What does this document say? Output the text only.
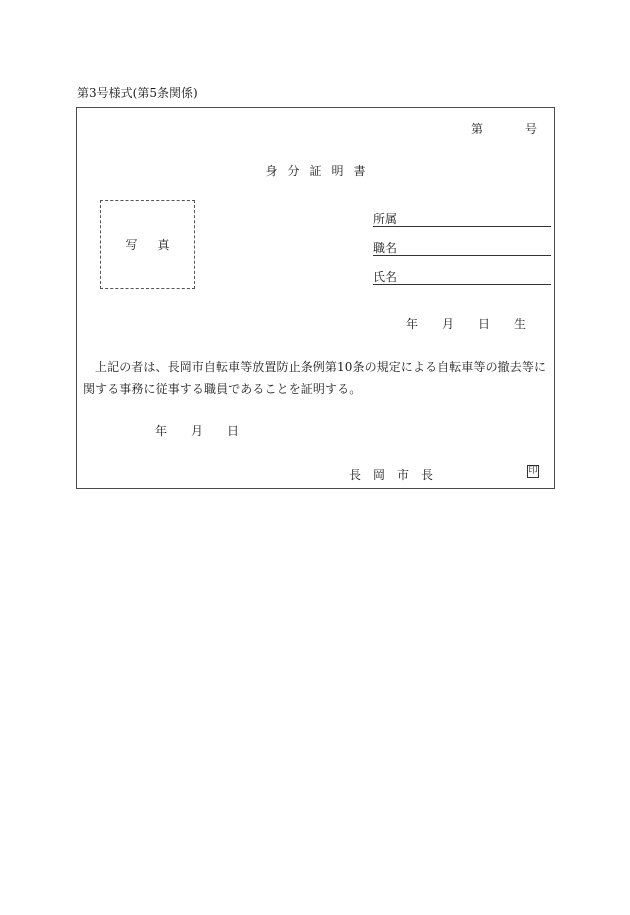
第3号様式(第5条関係)
第	号
身分証明書
写真
所属
職名
氏名
年 月 日 生
上記の者は、長岡市自転車等放置防止条例第10条の規定による自転車等の撤去等に関する事務に従事する職員であることを証明する。
年 月 日
長岡市長	印
